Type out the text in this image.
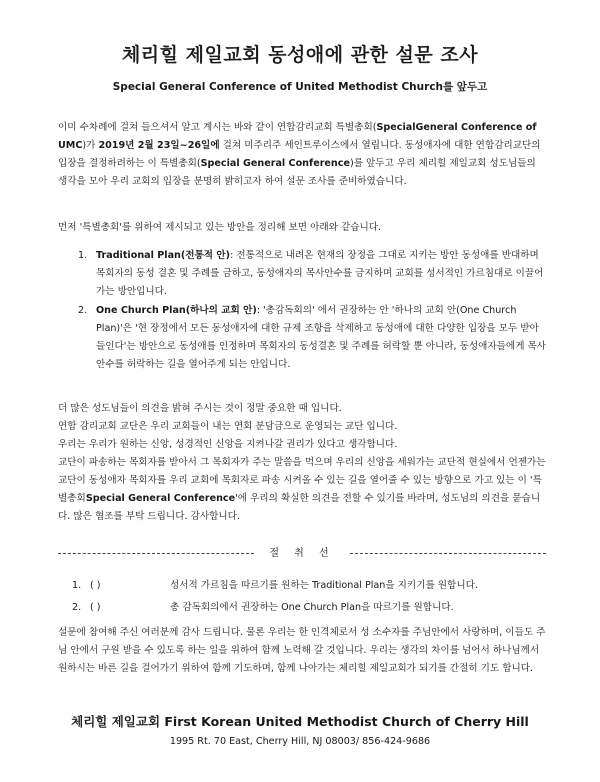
체리힐 제일교회 동성애에 관한 설문 조사
Special General Conference of United Methodist Church를 앞두고
이미 수차례에 걸쳐 들으셔서 알고 계시는 바와 같이 연합감리교회 특별총회(SpecialGeneral Conference of UMC)가 2019년 2월 23일~26일에 걸쳐 미주리주 세인트루이스에서 열립니다. 동성애자에 대한 연합감리교단의 입장을 결정하려하는 이 특별총회(Special General Conference)를 앞두고 우리 체리힐 제일교회 성도님들의 생각을 모아 우리 교회의 입장을 분명히 밝히고자 하여 설문 조사를 준비하였습니다.
먼저 '특별총회'를 위하여 제시되고 있는 방안을 정리해 보면 아래와 같습니다.
1. Traditional Plan(전통적 안): 전통적으로 내려온 현재의 장정을 그대로 지키는 방안 동성애를 반대하며 목회자의 동성 결혼 및 주례를 금하고, 동성애자의 목사안수를 금지하며 교회를 성서적인 가르침대로 이끌어 가는 방안입니다.
2. One Church Plan(하나의 교회 안): '총감독회의' 에서 권장하는 안 '하나의 교회 안(One Church Plan)'은 '현 장정에서 모든 동성애자에 대한 규제 조항을 삭제하고 동성애에 대한 다양한 입장을 모두 받아들인다'는 방안으로 동성애를 인정하며 목회자의 동성결혼 및 주례를 허락할 뿐 아니라, 동성애자들에게 목사안수를 허락하는 길을 열어주게 되는 안입니다.
더 많은 성도님들이 의견을 밝혀 주시는 것이 정말 중요한 때 입니다.
연합 감리교회 교단은 우리 교회들이 내는 연회 분담금으로 운영되는 교단 입니다.
우리는 우리가 원하는 신앙, 성경적인 신앙을 지켜나갈 권리가 있다고 생각합니다.
교단이 파송하는 목회자를 받아서 그 목회자가 주는 말씀을 먹으며 우리의 신앙을 세워가는 교단적 현실에서 언젠가는 교단이 동성애자 목회자를 우리 교회에 목회자로 파송 시켜올 수 있는 길을 열어줄 수 있는 방향으로 가고 있는 이 '특별총회Special General Conference'에 우리의 확실한 의견을 전할 수 있기를 바라며, 성도님의 의견을 묻습니다. 많은 협조를 부탁 드립니다. 감사합니다.
절 취 선
1. ( )	성서적 가르침을 따르기를 원하는 Traditional Plan을 지키기를 원합니다.
2. ( )	총 감독회의에서 권장하는 One Church Plan을 따르기를 원합니다.
설문에 참여해 주신 여러분께 감사 드립니다. 물론 우리는 한 인격체로서 성 소수자를 주님안에서 사랑하며, 이들도 주님 안에서 구원 받을 수 있도록 하는 일을 위하여 함께 노력해 갈 것입니다. 우리는 생각의 차이를 넘어서 하나님께서 원하시는 바른 길을 걸어가기 위하여 함께 기도하며, 함께 나아가는 체리힐 제일교회가 되기를 간절히 기도 합니다.
체리힐 제일교회 First Korean United Methodist Church of Cherry Hill
1995 Rt. 70 East, Cherry Hill, NJ 08003/ 856-424-9686
